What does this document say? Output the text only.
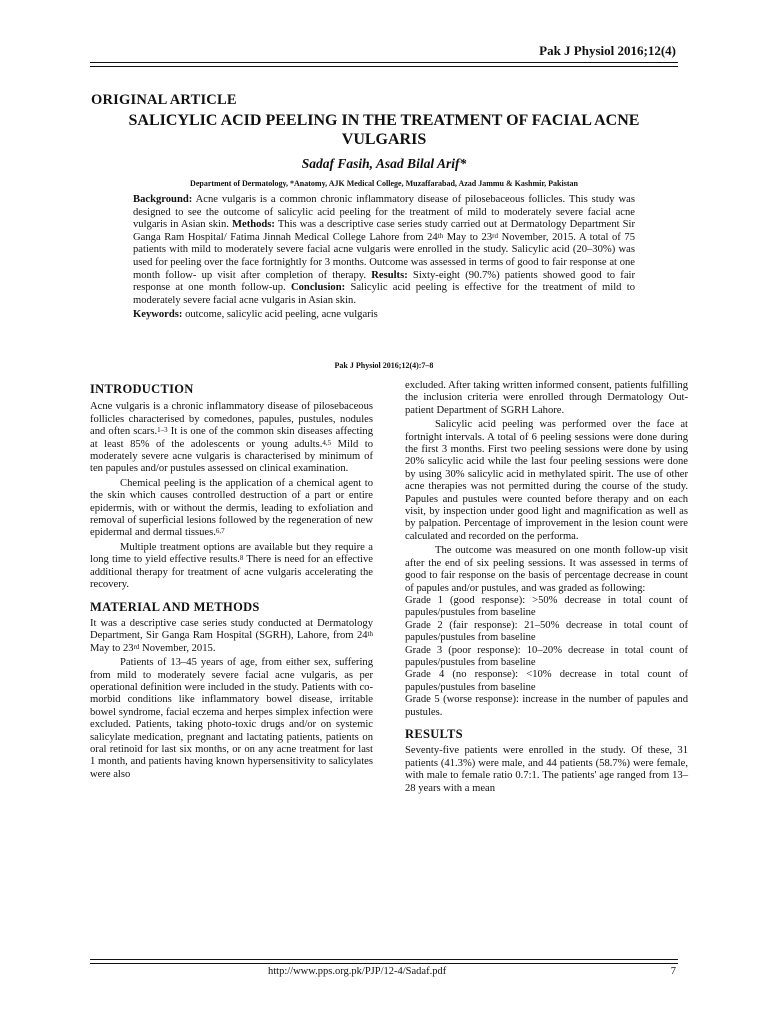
Pak J Physiol 2016;12(4)

ORIGINAL ARTICLE

SALICYLIC ACID PEELING IN THE TREATMENT OF FACIAL ACNE VULGARIS

Sadaf Fasih, Asad Bilal Arif*

Department of Dermatology, *Anatomy, AJK Medical College, Muzaffarabad, Azad Jammu & Kashmir, Pakistan

Background: Acne vulgaris is a common chronic inflammatory disease of pilosebaceous follicles. This study was designed to see the outcome of salicylic acid peeling for the treatment of mild to moderately severe facial acne vulgaris in Asian skin. Methods: This was a descriptive case series study carried out at Dermatology Department Sir Ganga Ram Hospital/ Fatima Jinnah Medical College Lahore from 24th May to 23rd November, 2015. A total of 75 patients with mild to moderately severe facial acne vulgaris were enrolled in the study. Salicylic acid (20–30%) was used for peeling over the face fortnightly for 3 months. Outcome was assessed in terms of good to fair response at one month follow- up visit after completion of therapy. Results: Sixty-eight (90.7%) patients showed good to fair response at one month follow-up. Conclusion: Salicylic acid peeling is effective for the treatment of mild to moderately severe facial acne vulgaris in Asian skin.

Keywords: outcome, salicylic acid peeling, acne vulgaris

Pak J Physiol 2016;12(4):7–8

INTRODUCTION

Acne vulgaris is a chronic inflammatory disease of pilosebaceous follicles characterised by comedones, papules, pustules, nodules and often scars.$^{1-3}$ It is one of the common skin diseases affecting at least 85% of the adolescents or young adults.$^{4,5}$ Mild to moderately severe acne vulgaris is characterised by minimum of ten papules and/or pustules assessed on clinical examination.

Chemical peeling is the application of a chemical agent to the skin which causes controlled destruction of a part or entire epidermis, with or without the dermis, leading to exfoliation and removal of superficial lesions followed by the regeneration of new epidermal and dermal tissues.$^{6,7}$

Multiple treatment options are available but they require a long time to yield effective results.$^8$ There is need for an effective additional therapy for treatment of acne vulgaris accelerating the recovery.

MATERIAL AND METHODS

It was a descriptive case series study conducted at Dermatology Department, Sir Ganga Ram Hospital (SGRH), Lahore, from 24th May to 23rd November, 2015.

Patients of 13–45 years of age, from either sex, suffering from mild to moderately severe facial acne vulgaris, as per operational definition were included in the study. Patients with co-morbid conditions like inflammatory bowel disease, irritable bowel syndrome, facial eczema and herpes simplex infection were excluded. Patients, taking photo-toxic drugs and/or on systemic salicylate medication, pregnant and lactating patients, patients on oral retinoid for last six months, or on any acne treatment for last 1 month, and patients having known hypersensitivity to salicylates were also

excluded. After taking written informed consent, patients fulfilling the inclusion criteria were enrolled through Dermatology Out-patient Department of SGRH Lahore.

Salicylic acid peeling was performed over the face at fortnight intervals. A total of 6 peeling sessions were done during the first 3 months. First two peeling sessions were done by using 20% salicylic acid while the last four peeling sessions were done by using 30% salicylic acid in methylated spirit. The use of other acne therapies was not permitted during the course of the study. Papules and pustules were counted before therapy and on each visit, by inspection under good light and magnification as well as by palpation. Percentage of improvement in the lesion count were calculated and recorded on the performa.

The outcome was measured on one month follow-up visit after the end of six peeling sessions. It was assessed in terms of good to fair response on the basis of percentage decrease in count of papules and/or pustules, and was graded as following:

Grade 1 (good response): >50% decrease in total count of papules/pustules from baseline

Grade 2 (fair response): 21–50% decrease in total count of papules/pustules from baseline

Grade 3 (poor response): 10–20% decrease in total count of papules/pustules from baseline

Grade 4 (no response): <10% decrease in total count of papules/pustules from baseline

Grade 5 (worse response): increase in the number of papules and pustules.

RESULTS

Seventy-five patients were enrolled in the study. Of these, 31 patients (41.3%) were male, and 44 patients (58.7%) were female, with male to female ratio 0.7:1. The patients' age ranged from 13–28 years with a mean

http://www.pps.org.pk/PJP/12-4/Sadaf.pdf	7
